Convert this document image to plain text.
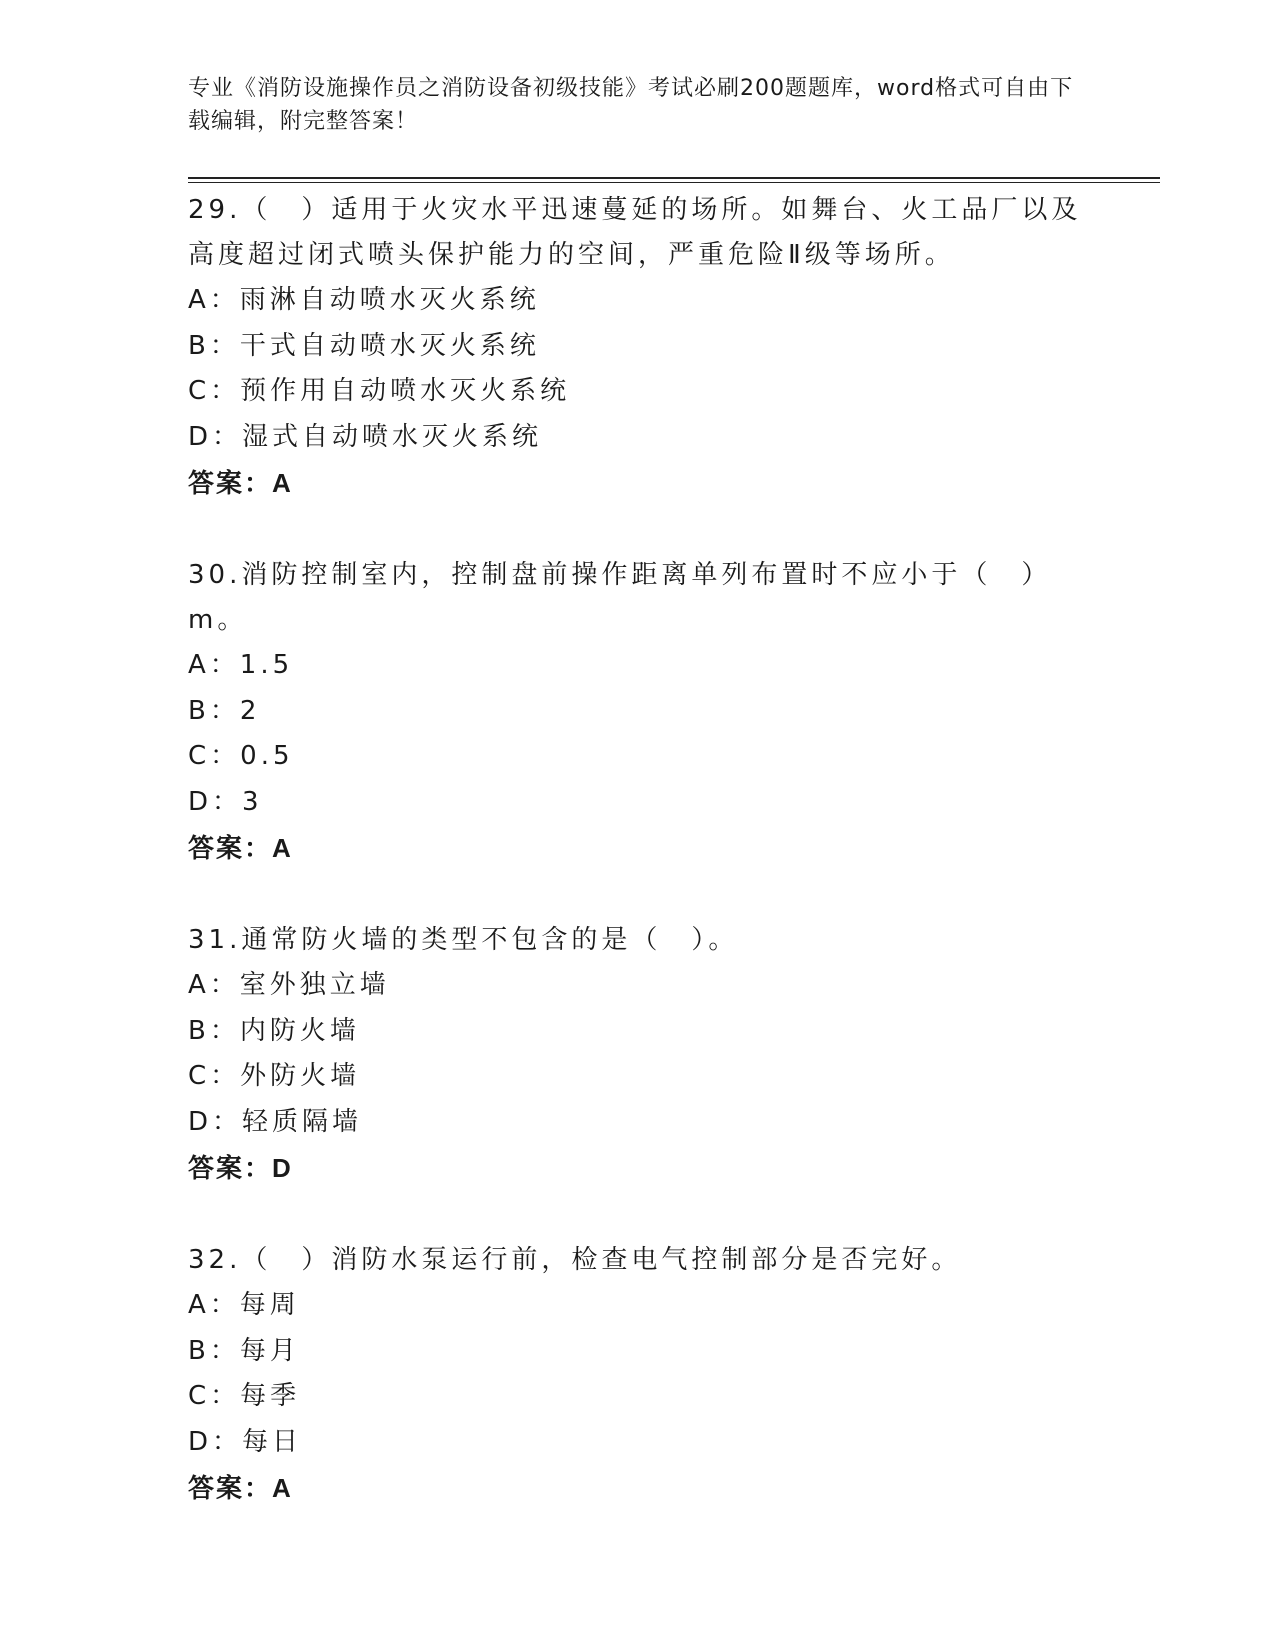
专业《消防设施操作员之消防设备初级技能》考试必刷200题题库，word格式可自由下载编辑，附完整答案！
29.（　）适用于火灾水平迅速蔓延的场所。如舞台、火工品厂以及高度超过闭式喷头保护能力的空间，严重危险Ⅱ级等场所。
A：雨淋自动喷水灭火系统
B：干式自动喷水灭火系统
C：预作用自动喷水灭火系统
D：湿式自动喷水灭火系统
答案：A
30.消防控制室内，控制盘前操作距离单列布置时不应小于（　）m。
A：1.5
B：2
C：0.5
D：3
答案：A
31.通常防火墙的类型不包含的是（　）。
A：室外独立墙
B：内防火墙
C：外防火墙
D：轻质隔墙
答案：D
32.（　）消防水泵运行前，检查电气控制部分是否完好。
A：每周
B：每月
C：每季
D：每日
答案：A
